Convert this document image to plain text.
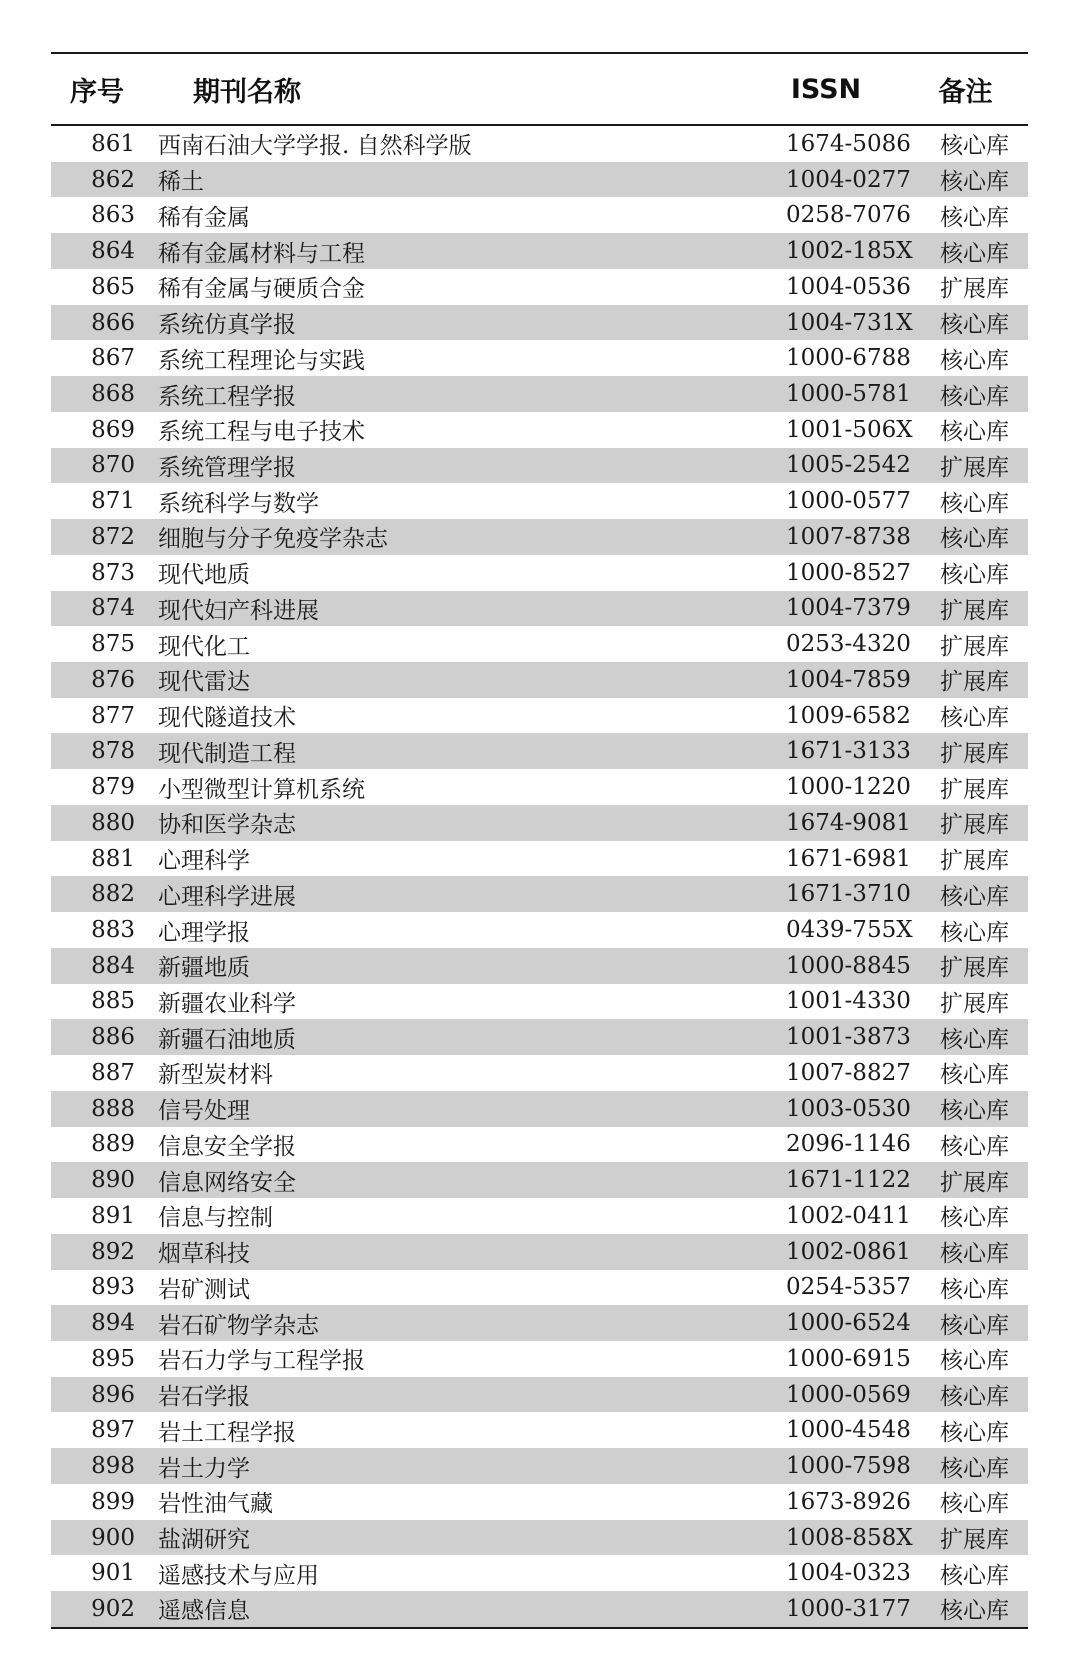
序号	期刊名称	ISSN	备注
861	西南石油大学学报. 自然科学版	1674-5086	核心库
862	稀土	1004-0277	核心库
863	稀有金属	0258-7076	核心库
864	稀有金属材料与工程	1002-185X	核心库
865	稀有金属与硬质合金	1004-0536	扩展库
866	系统仿真学报	1004-731X	核心库
867	系统工程理论与实践	1000-6788	核心库
868	系统工程学报	1000-5781	核心库
869	系统工程与电子技术	1001-506X	核心库
870	系统管理学报	1005-2542	扩展库
871	系统科学与数学	1000-0577	核心库
872	细胞与分子免疫学杂志	1007-8738	核心库
873	现代地质	1000-8527	核心库
874	现代妇产科进展	1004-7379	扩展库
875	现代化工	0253-4320	扩展库
876	现代雷达	1004-7859	扩展库
877	现代隧道技术	1009-6582	核心库
878	现代制造工程	1671-3133	扩展库
879	小型微型计算机系统	1000-1220	扩展库
880	协和医学杂志	1674-9081	扩展库
881	心理科学	1671-6981	扩展库
882	心理科学进展	1671-3710	核心库
883	心理学报	0439-755X	核心库
884	新疆地质	1000-8845	扩展库
885	新疆农业科学	1001-4330	扩展库
886	新疆石油地质	1001-3873	核心库
887	新型炭材料	1007-8827	核心库
888	信号处理	1003-0530	核心库
889	信息安全学报	2096-1146	核心库
890	信息网络安全	1671-1122	扩展库
891	信息与控制	1002-0411	核心库
892	烟草科技	1002-0861	核心库
893	岩矿测试	0254-5357	核心库
894	岩石矿物学杂志	1000-6524	核心库
895	岩石力学与工程学报	1000-6915	核心库
896	岩石学报	1000-0569	核心库
897	岩土工程学报	1000-4548	核心库
898	岩土力学	1000-7598	核心库
899	岩性油气藏	1673-8926	核心库
900	盐湖研究	1008-858X	扩展库
901	遥感技术与应用	1004-0323	核心库
902	遥感信息	1000-3177	核心库
